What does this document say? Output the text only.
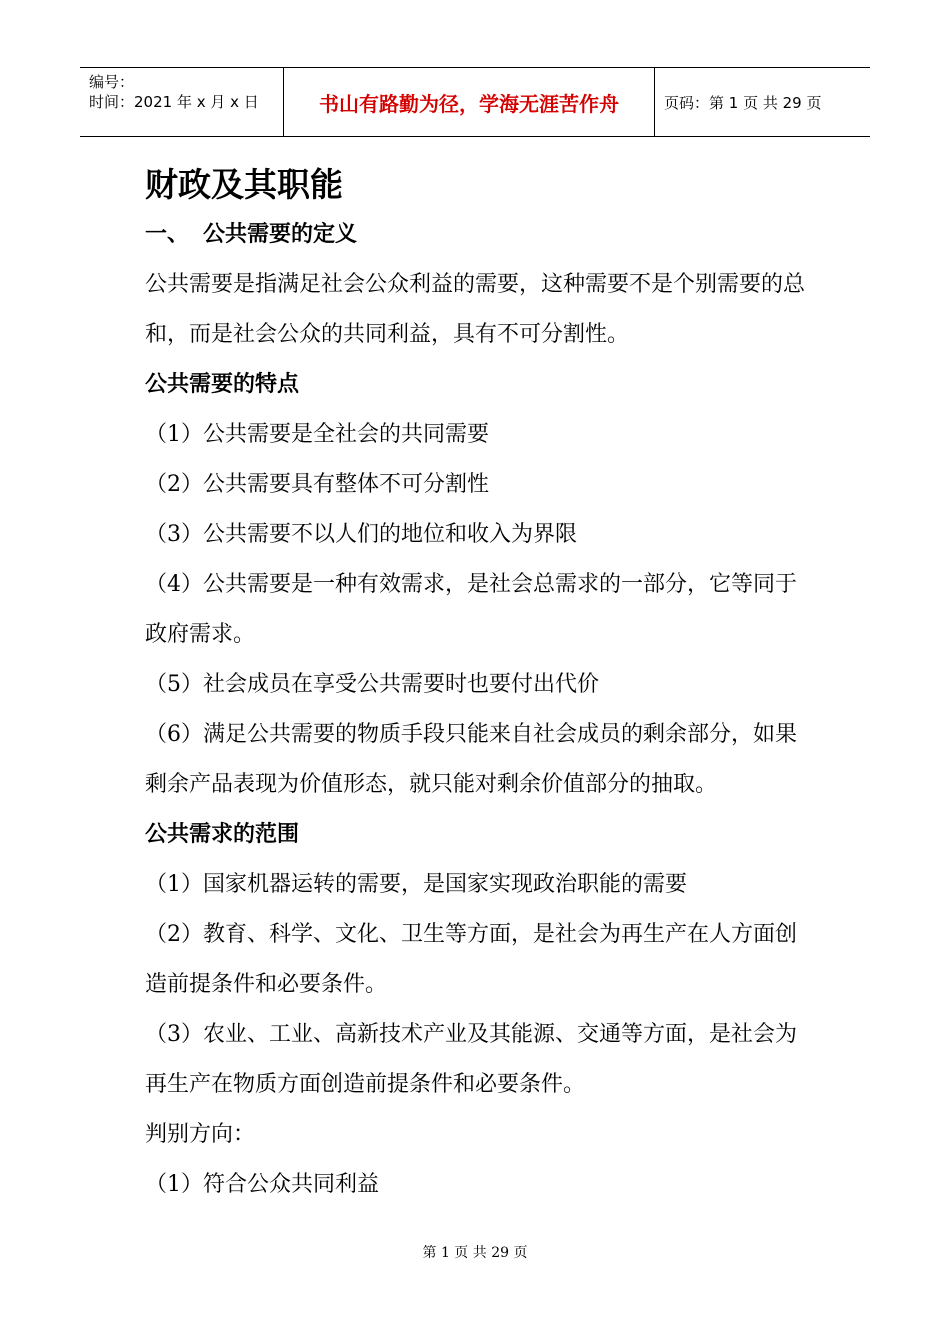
编号：
时间：2021 年 x 月 x 日	书山有路勤为径，学海无涯苦作舟	页码：第 1 页 共 29 页
财政及其职能
一、 公共需要的定义

公共需要是指满足社会公众利益的需要，这种需要不是个别需要的总和，而是社会公众的共同利益，具有不可分割性。

公共需要的特点

（1）公共需要是全社会的共同需要

（2）公共需要具有整体不可分割性

（3）公共需要不以人们的地位和收入为界限

（4）公共需要是一种有效需求，是社会总需求的一部分，它等同于政府需求。

（5）社会成员在享受公共需要时也要付出代价

（6）满足公共需要的物质手段只能来自社会成员的剩余部分，如果剩余产品表现为价值形态，就只能对剩余价值部分的抽取。

公共需求的范围

（1）国家机器运转的需要，是国家实现政治职能的需要

（2）教育、科学、文化、卫生等方面，是社会为再生产在人方面创造前提条件和必要条件。

（3）农业、工业、高新技术产业及其能源、交通等方面，是社会为再生产在物质方面创造前提条件和必要条件。

判别方向：

（1）符合公众共同利益

第 1 页 共 29 页
